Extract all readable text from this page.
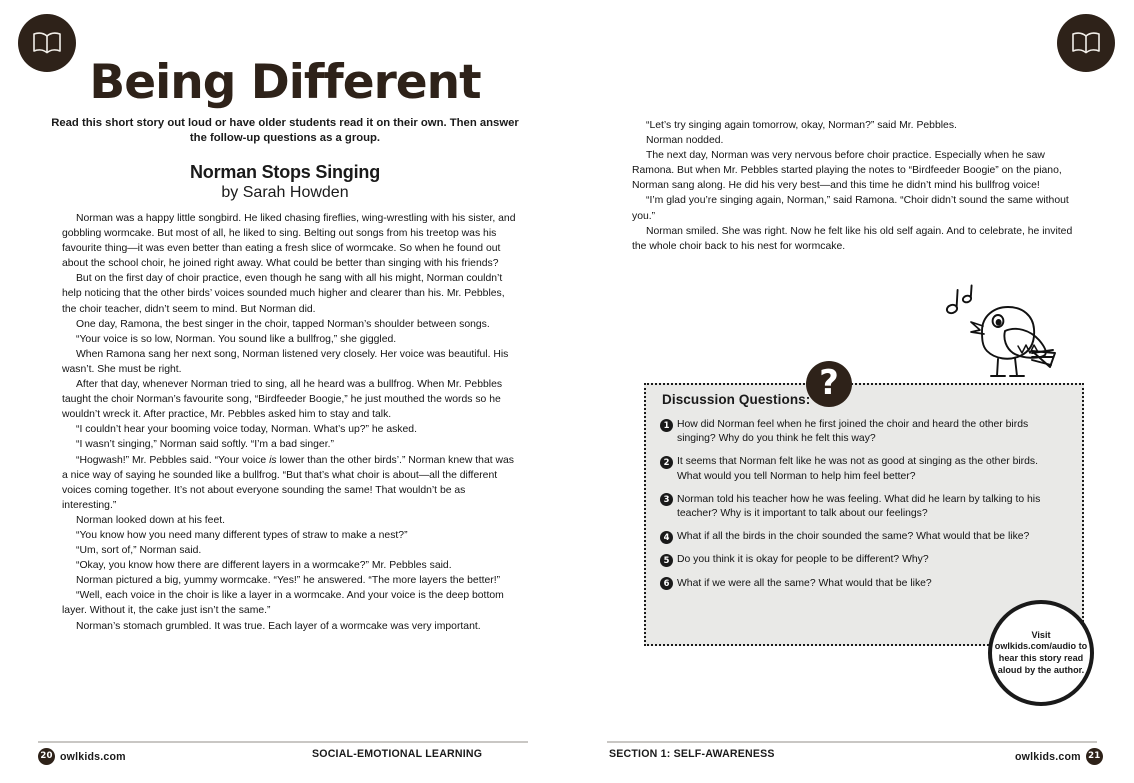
Being Different
Read this short story out loud or have older students read it on their own. Then answer the follow-up questions as a group.
Norman Stops Singing
by Sarah Howden

Norman was a happy little songbird. He liked chasing fireflies, wing-wrestling with his sister, and gobbling wormcake. But most of all, he liked to sing. Belting out songs from his treetop was his favourite thing—it was even better than eating a fresh slice of wormcake. So when he found out about the school choir, he joined right away. What could be better than singing with his friends?

But on the first day of choir practice, even though he sang with all his might, Norman couldn’t help noticing that the other birds’ voices sounded much higher and clearer than his. Mr. Pebbles, the choir teacher, didn’t seem to mind. But Norman did.

One day, Ramona, the best singer in the choir, tapped Norman’s shoulder between songs.

“Your voice is so low, Norman. You sound like a bullfrog,” she giggled.

When Ramona sang her next song, Norman listened very closely. Her voice was beautiful. His wasn’t. She must be right.

After that day, whenever Norman tried to sing, all he heard was a bullfrog. When Mr. Pebbles taught the choir Norman’s favourite song, “Birdfeeder Boogie,” he just mouthed the words so he wouldn’t wreck it. After practice, Mr. Pebbles asked him to stay and talk.

“I couldn’t hear your booming voice today, Norman. What’s up?” he asked.

“I wasn’t singing,” Norman said softly. “I’m a bad singer.”

“Hogwash!” Mr. Pebbles said. “Your voice is lower than the other birds’.” Norman knew that was a nice way of saying he sounded like a bullfrog. “But that’s what choir is about—all the different voices coming together. It’s not about everyone sounding the same! That wouldn’t be as interesting.”

Norman looked down at his feet.

“You know how you need many different types of straw to make a nest?”

“Um, sort of,” Norman said.

“Okay, you know how there are different layers in a wormcake?” Mr. Pebbles said.

Norman pictured a big, yummy wormcake. “Yes!” he answered. “The more layers the better!”

“Well, each voice in the choir is like a layer in a wormcake. And your voice is the deep bottom layer. Without it, the cake just isn’t the same.”

Norman’s stomach grumbled. It was true. Each layer of a wormcake was very important.

“Let’s try singing again tomorrow, okay, Norman?” said Mr. Pebbles.

Norman nodded.

The next day, Norman was very nervous before choir practice. Especially when he saw Ramona. But when Mr. Pebbles started playing the notes to “Birdfeeder Boogie” on the piano, Norman sang along. He did his very best—and this time he didn’t mind his bullfrog voice!

“I’m glad you’re singing again, Norman,” said Ramona. “Choir didn’t sound the same without you.”

Norman smiled. She was right. Now he felt like his old self again. And to celebrate, he invited the whole choir back to his nest for wormcake.

?
Discussion Questions:
1 How did Norman feel when he first joined the choir and heard the other birds singing? Why do you think he felt this way?
2 It seems that Norman felt like he was not as good at singing as the other birds. What would you tell Norman to help him feel better?
3 Norman told his teacher how he was feeling. What did he learn by talking to his teacher? Why is it important to talk about our feelings?
4 What if all the birds in the choir sounded the same? What would that be like?
5 Do you think it is okay for people to be different? Why?
6 What if we were all the same? What would that be like?
Visit owlkids.com/audio to hear this story read aloud by the author.
20 owlkids.com	SOCIAL-EMOTIONAL LEARNING	SECTION 1: SELF-AWARENESS	owlkids.com 21
